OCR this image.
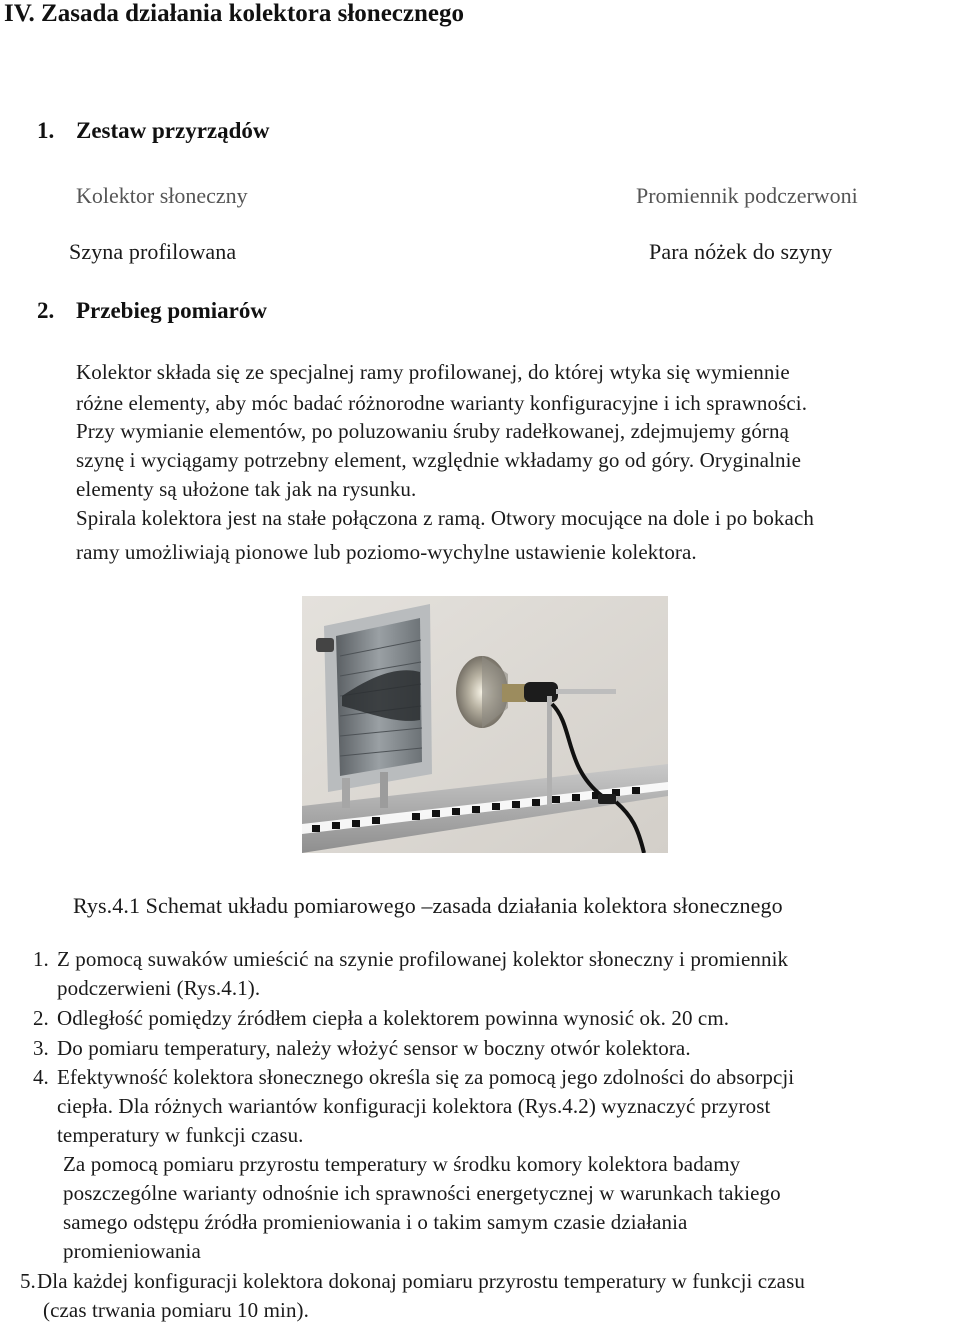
IV. Zasada działania kolektora słonecznego
1. Zestaw przyrządów
Kolektor słoneczny	Promiennik podczerwoni
Szyna profilowana	Para nóżek do szyny
2. Przebieg pomiarów
Kolektor składa się ze specjalnej ramy profilowanej, do której wtyka się wymiennie
różne elementy, aby móc badać różnorodne warianty konfiguracyjne i ich sprawności.
Przy wymianie elementów, po poluzowaniu śruby radełkowanej, zdejmujemy górną
szynę i wyciągamy potrzebny element, względnie wkładamy go od góry. Oryginalnie
elementy są ułożone tak jak na rysunku.
Spirala kolektora jest na stałe połączona z ramą. Otwory mocujące na dole i po bokach
ramy umożliwiają pionowe lub poziomo-wychylne ustawienie kolektora.
Rys.4.1 Schemat układu pomiarowego –zasada działania kolektora słonecznego
1. Z pomocą suwaków umieścić na szynie profilowanej kolektor słoneczny i promiennik
podczerwieni (Rys.4.1).
2. Odległość pomiędzy źródłem ciepła a kolektorem powinna wynosić ok. 20 cm.
3. Do pomiaru temperatury, należy włożyć sensor w boczny otwór kolektora.
4. Efektywność kolektora słonecznego określa się za pomocą jego zdolności do absorpcji
ciepła. Dla różnych wariantów konfiguracji kolektora (Rys.4.2) wyznaczyć przyrost
temperatury w funkcji czasu.
Za pomocą pomiaru przyrostu temperatury w środku komory kolektora badamy
poszczególne warianty odnośnie ich sprawności energetycznej w warunkach takiego
samego odstępu źródła promieniowania i o takim samym czasie działania
promieniowania
5. Dla każdej konfiguracji kolektora dokonaj pomiaru przyrostu temperatury w funkcji czasu
(czas trwania pomiaru 10 min).
